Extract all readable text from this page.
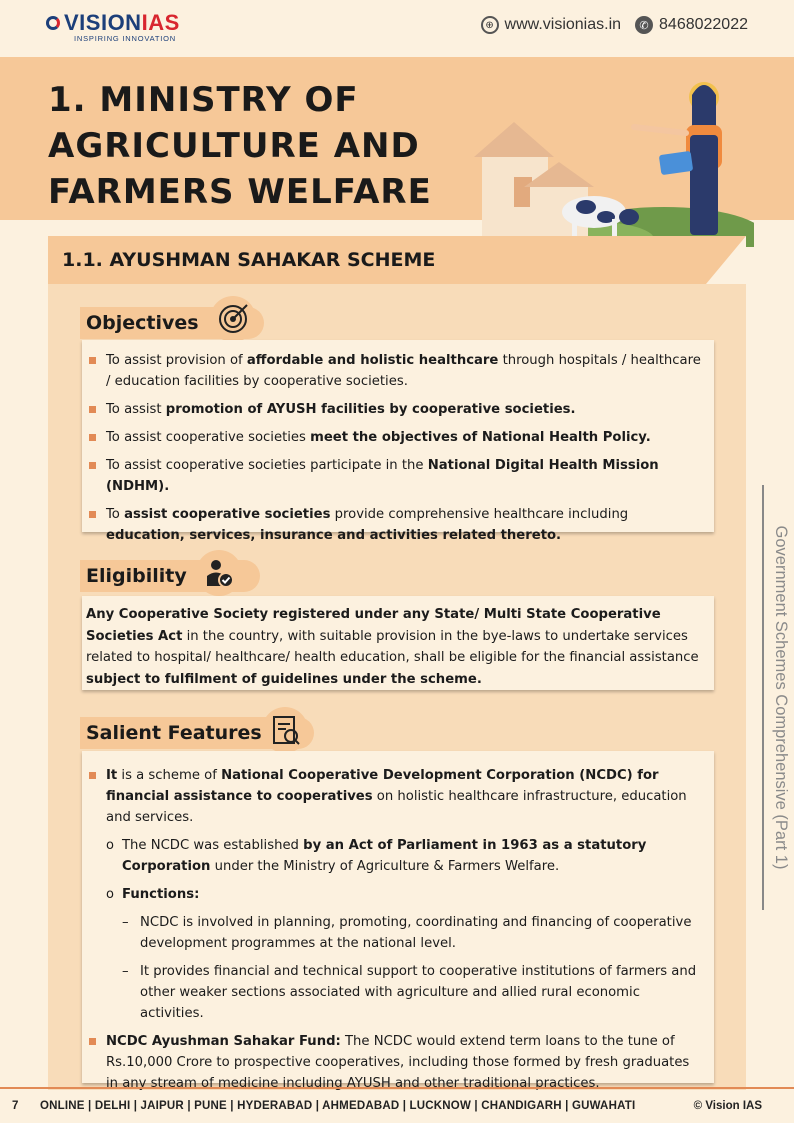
VISION IAS
INSPIRING INNOVATION
⊕ www.visionias.in	✆ 8468022022
1. MINISTRY OF
AGRICULTURE AND
FARMERS WELFARE
1.1. AYUSHMAN SAHAKAR SCHEME
Objectives
To assist provision of affordable and holistic healthcare through hospitals / healthcare / education facilities by cooperative societies.
To assist promotion of AYUSH facilities by cooperative societies.
To assist cooperative societies meet the objectives of National Health Policy.
To assist cooperative societies participate in the National Digital Health Mission (NDHM).
To assist cooperative societies provide comprehensive healthcare including education, services, insurance and activities related thereto.
Eligibility

Any Cooperative Society registered under any State/ Multi State Cooperative Societies Act in the country, with suitable provision in the bye-laws to undertake services related to hospital/ healthcare/ health education, shall be eligible for the financial assistance subject to fulfilment of guidelines under the scheme.

Salient Features
It is a scheme of National Cooperative Development Corporation (NCDC) for financial assistance to cooperatives on holistic healthcare infrastructure, education and services.
o The NCDC was established by an Act of Parliament in 1963 as a statutory Corporation under the Ministry of Agriculture & Farmers Welfare.
o Functions:
– NCDC is involved in planning, promoting, coordinating and financing of cooperative development programmes at the national level.
– It provides financial and technical support to cooperative institutions of farmers and other weaker sections associated with agriculture and allied rural economic activities.
NCDC Ayushman Sahakar Fund: The NCDC would extend term loans to the tune of Rs.10,000 Crore to prospective cooperatives, including those formed by fresh graduates in any stream of medicine including AYUSH and other traditional practices.
Government Schemes Comprehensive (Part 1)
7 ONLINE | DELHI | JAIPUR | PUNE | HYDERABAD | AHMEDABAD | LUCKNOW | CHANDIGARH | GUWAHATI	© Vision IAS
